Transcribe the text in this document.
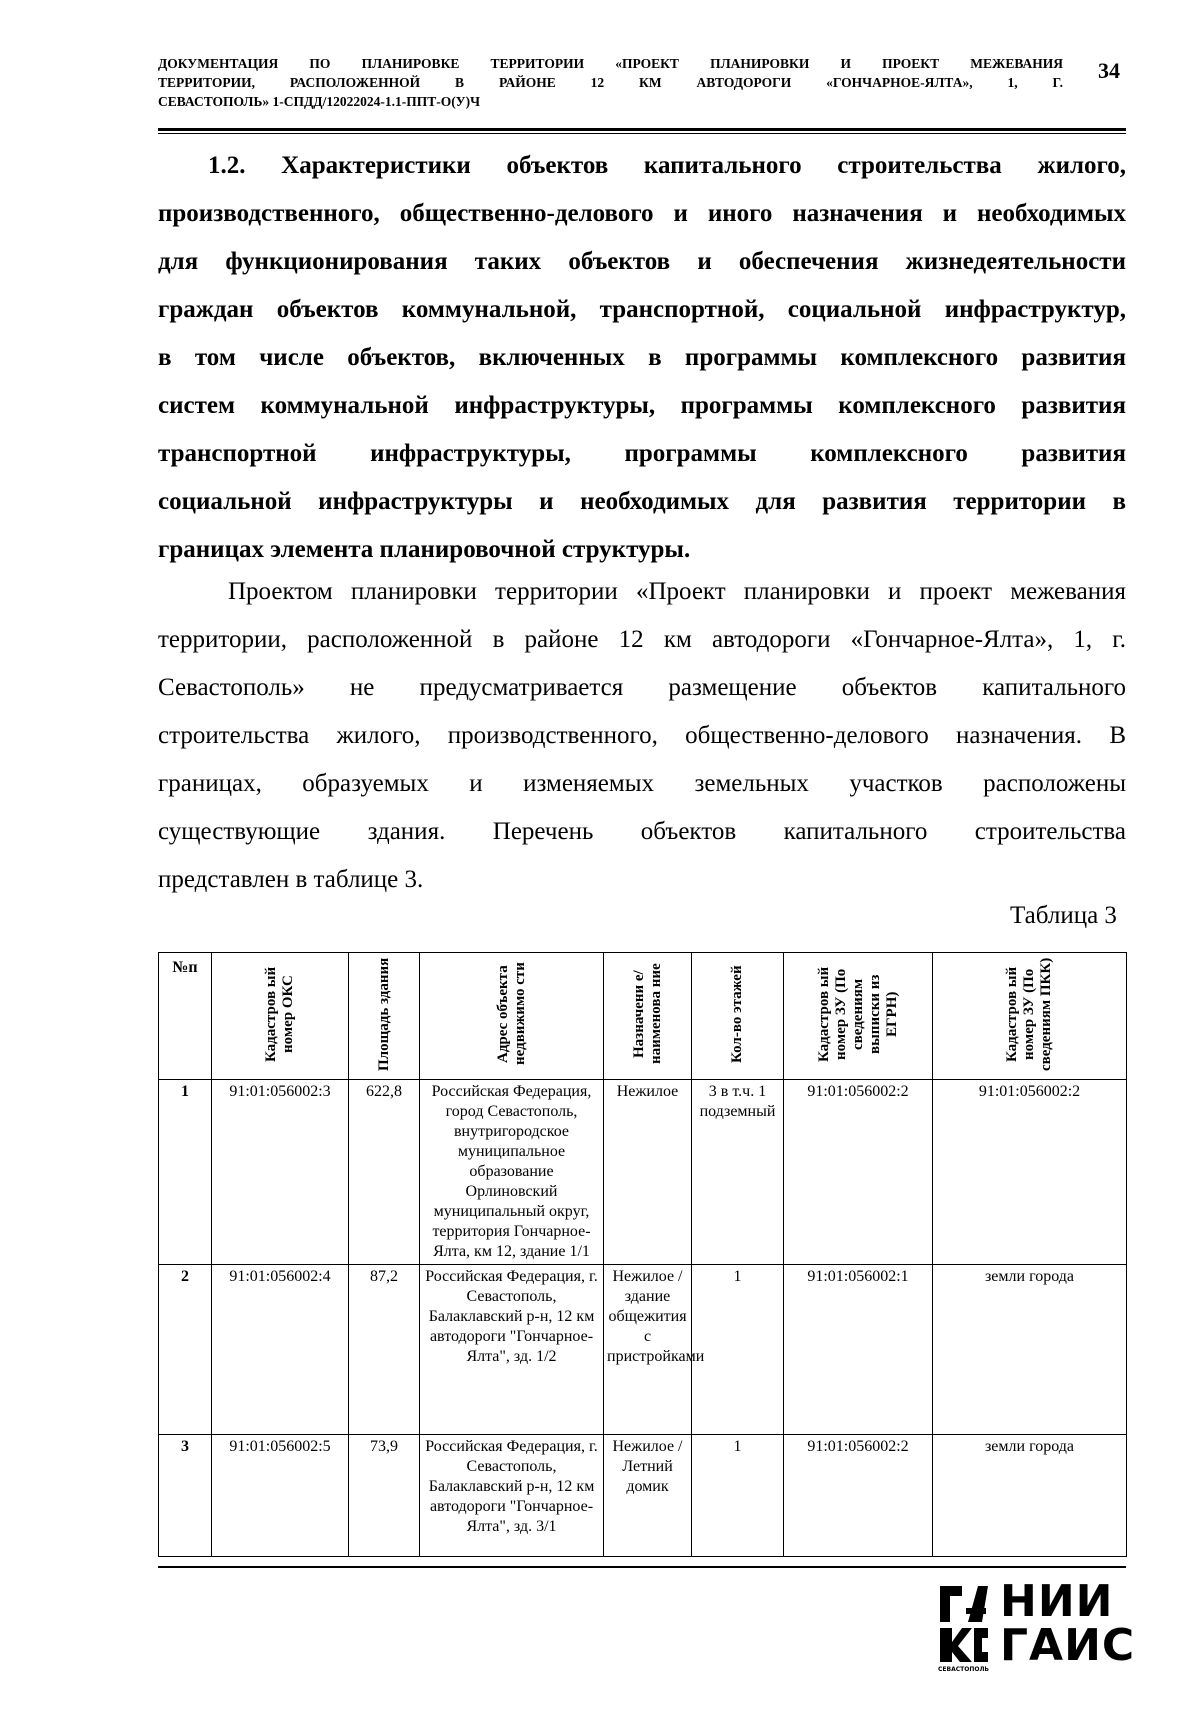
ДОКУМЕНТАЦИЯ ПО ПЛАНИРОВКЕ ТЕРРИТОРИИ «ПРОЕКТ ПЛАНИРОВКИ И ПРОЕКТ МЕЖЕВАНИЯ
ТЕРРИТОРИИ, РАСПОЛОЖЕННОЙ В РАЙОНЕ 12 КМ АВТОДОРОГИ «ГОНЧАРНОЕ-ЯЛТА», 1, Г.
СЕВАСТОПОЛЬ» 1-СПДД/12022024-1.1-ППТ-О(У)Ч
34
1.2. Характеристики объектов капитального строительства жилого,
производственного, общественно-делового и иного назначения и необходимых
для функционирования таких объектов и обеспечения жизнедеятельности
граждан объектов коммунальной, транспортной, социальной инфраструктур,
в том числе объектов, включенных в программы комплексного развития
систем коммунальной инфраструктуры, программы комплексного развития
транспортной инфраструктуры, программы комплексного развития
социальной инфраструктуры и необходимых для развития территории в
границах элемента планировочной структуры.
Проектом планировки территории «Проект планировки и проект межевания
территории, расположенной в районе 12 км автодороги «Гончарное-Ялта», 1, г.
Севастополь» не предусматривается размещение объектов капитального
строительства жилого, производственного, общественно-делового назначения. В
границах, образуемых и изменяемых земельных участков расположены
существующие здания. Перечень объектов капитального строительства
представлен в таблице 3.
Таблица 3
№п	Кадастров ый номер ОКС	Площадь здания	Адрес объекта недвижимо сти	Назначени е/ наименова ние	Кол-во этажей	Кадастров ый номер ЗУ (По сведениям выписки из ЕГРН)	Кадастров ый номер ЗУ (По сведениям ПКК)

1	91:01:056002:3	622,8	Российская Федерация, город Севастополь, внутригородское муниципальное образование Орлиновский муниципальный округ, территория Гончарное-Ялта, км 12, здание 1/1	Нежилое	3 в т.ч. 1 подземный	91:01:056002:2	91:01:056002:2
2	91:01:056002:4	87,2	Российская Федерация, г. Севастополь, Балаклавский р-н, 12 км автодороги "Гончарное-Ялта", зд. 1/2	Нежилое / здание общежития с пристройками	1	91:01:056002:1	земли города
3	91:01:056002:5	73,9	Российская Федерация, г. Севастополь, Балаклавский р-н, 12 км автодороги "Гончарное-Ялта", зд. 3/1	Нежилое / Летний домик	1	91:01:056002:2	земли города
НИИ
ГАИС
СЕВАСТОПОЛЬ
